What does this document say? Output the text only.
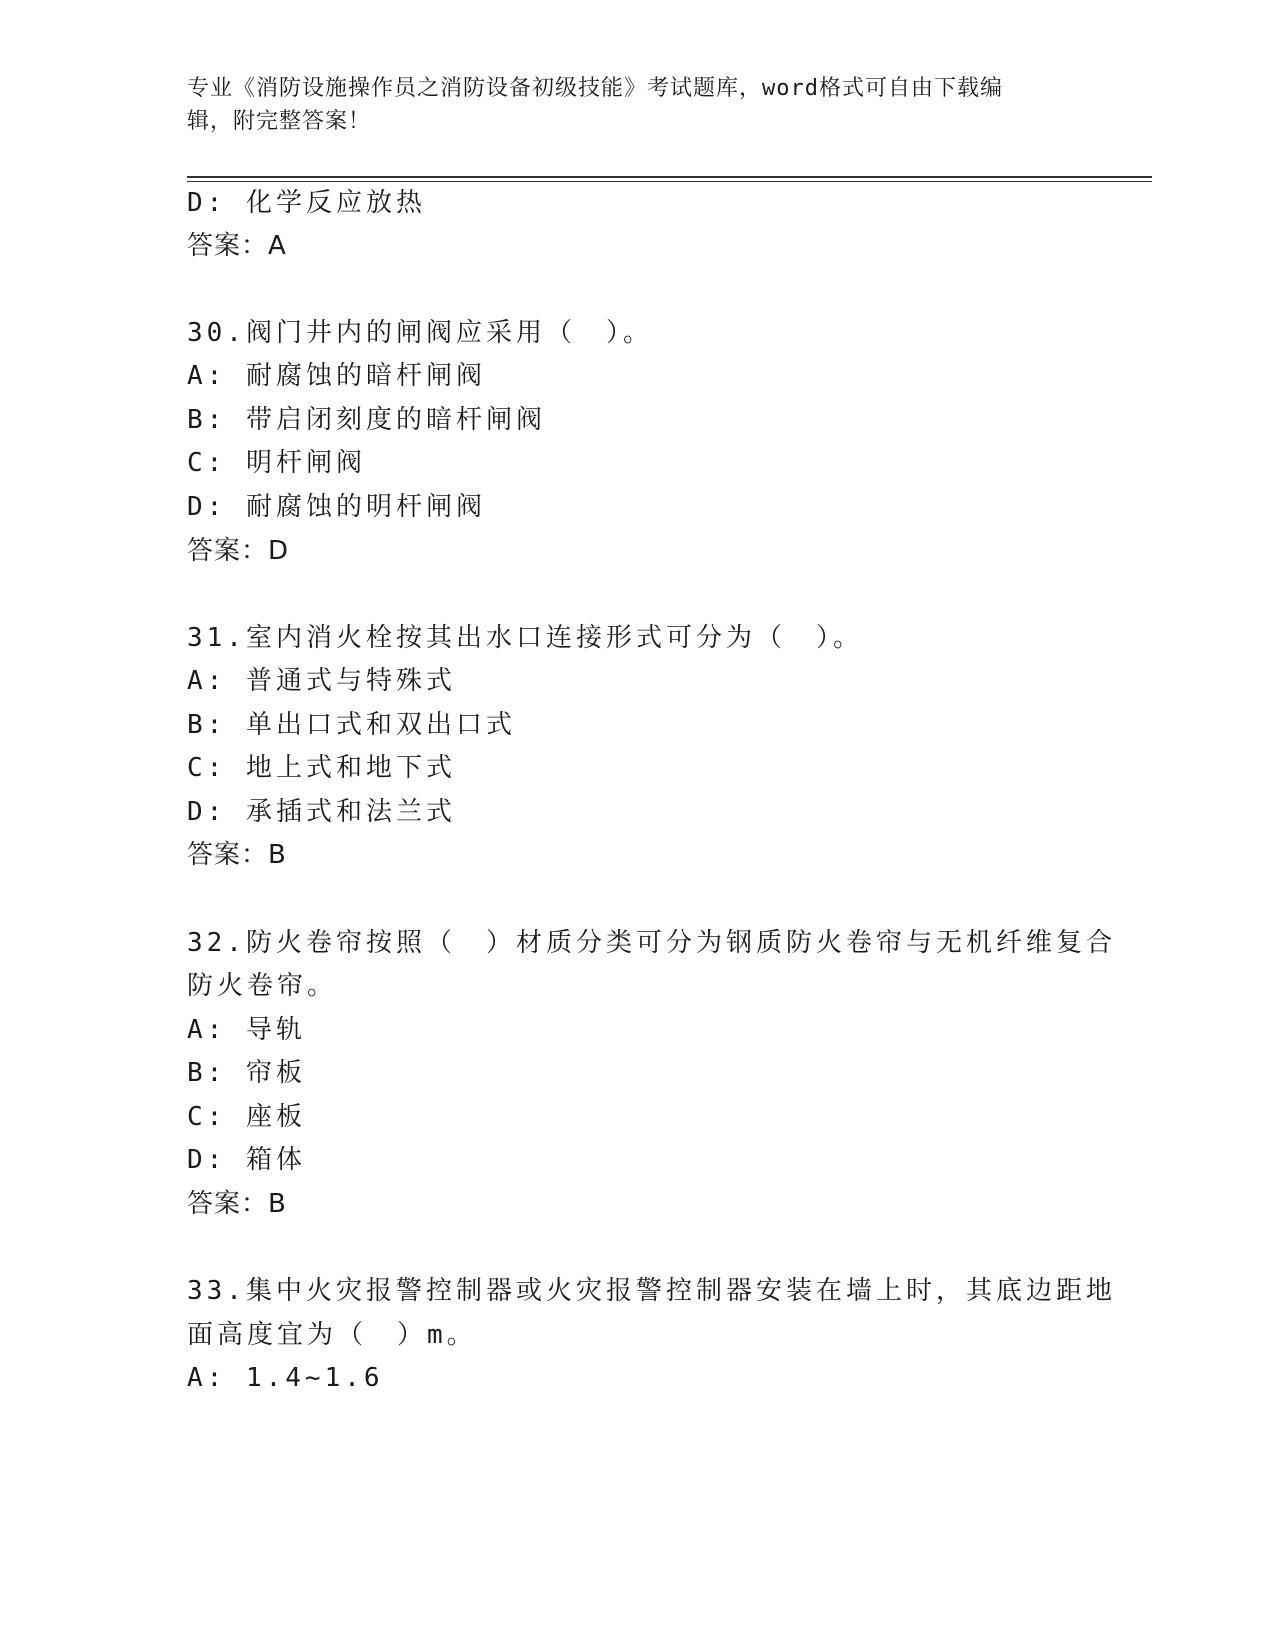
专业《消防设施操作员之消防设备初级技能》考试题库，word格式可自由下载编
辑，附完整答案！
D: 化学反应放热
答案：A
30.阀门井内的闸阀应采用（　）。
A: 耐腐蚀的暗杆闸阀
B: 带启闭刻度的暗杆闸阀
C: 明杆闸阀
D: 耐腐蚀的明杆闸阀
答案：D
31.室内消火栓按其出水口连接形式可分为（　）。
A: 普通式与特殊式
B: 单出口式和双出口式
C: 地上式和地下式
D: 承插式和法兰式
答案：B
32.防火卷帘按照（　）材质分类可分为钢质防火卷帘与无机纤维复合
防火卷帘。
A: 导轨
B: 帘板
C: 座板
D: 箱体
答案：B
33.集中火灾报警控制器或火灾报警控制器安装在墙上时，其底边距地
面高度宜为（　）m。
A: 1.4~1.6
